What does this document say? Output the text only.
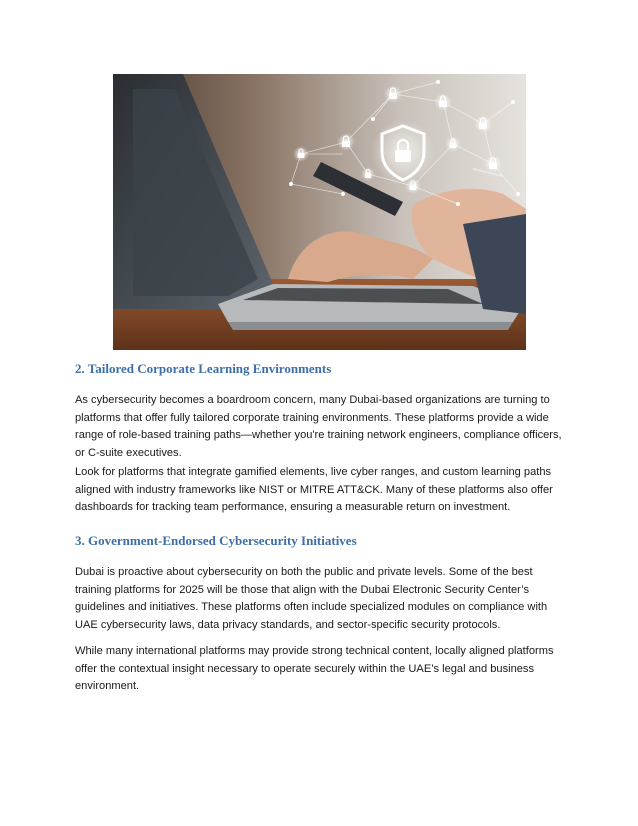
2. Tailored Corporate Learning Environments

As cybersecurity becomes a boardroom concern, many Dubai-based organizations are turning to platforms that offer fully tailored corporate training environments. These platforms provide a wide range of role-based training paths—whether you're training network engineers, compliance officers, or C-suite executives.

Look for platforms that integrate gamified elements, live cyber ranges, and custom learning paths aligned with industry frameworks like NIST or MITRE ATT&CK. Many of these platforms also offer dashboards for tracking team performance, ensuring a measurable return on investment.

3. Government-Endorsed Cybersecurity Initiatives

Dubai is proactive about cybersecurity on both the public and private levels. Some of the best training platforms for 2025 will be those that align with the Dubai Electronic Security Center’s guidelines and initiatives. These platforms often include specialized modules on compliance with UAE cybersecurity laws, data privacy standards, and sector-specific security protocols.

While many international platforms may provide strong technical content, locally aligned platforms offer the contextual insight necessary to operate securely within the UAE’s legal and business environment.
